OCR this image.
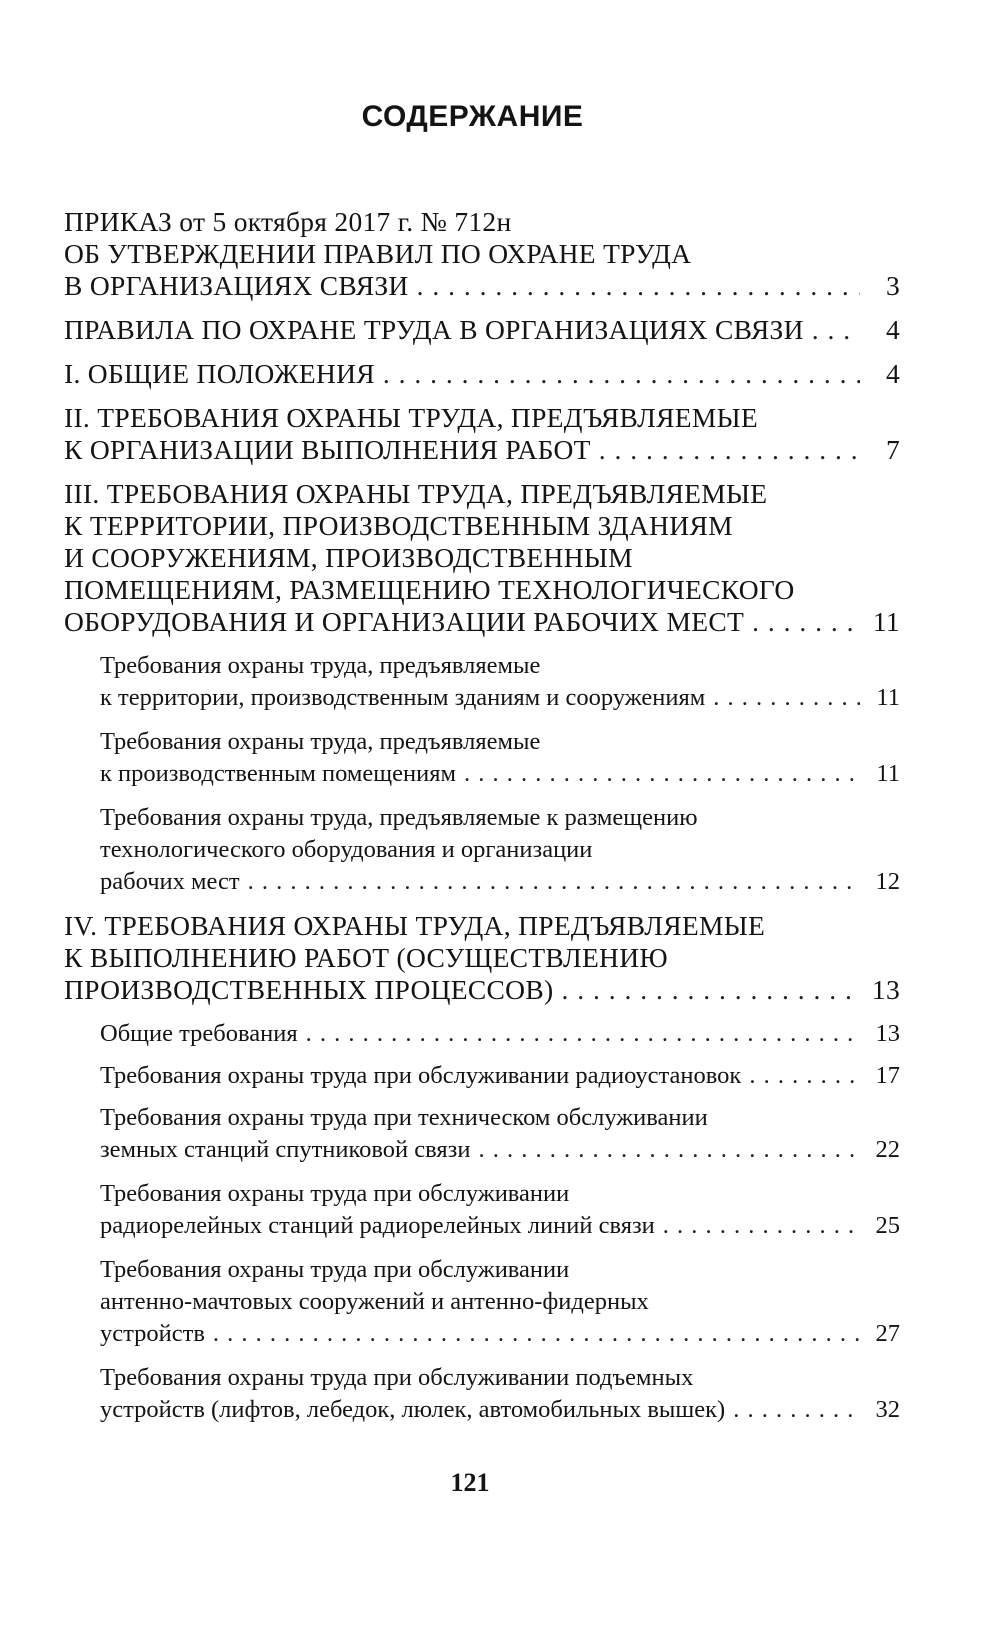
СОДЕРЖАНИЕ
ПРИКАЗ от 5 октября 2017 г. № 712н
ОБ УТВЕРЖДЕНИИ ПРАВИЛ ПО ОХРАНЕ ТРУДА
В ОРГАНИЗАЦИЯХ СВЯЗИ . . .	3
ПРАВИЛА ПО ОХРАНЕ ТРУДА В ОРГАНИЗАЦИЯХ СВЯЗИ . . .	4
I. ОБЩИЕ ПОЛОЖЕНИЯ . . .	4
II. ТРЕБОВАНИЯ ОХРАНЫ ТРУДА, ПРЕДЪЯВЛЯЕМЫЕ
К ОРГАНИЗАЦИИ ВЫПОЛНЕНИЯ РАБОТ . . .	7
III. ТРЕБОВАНИЯ ОХРАНЫ ТРУДА, ПРЕДЪЯВЛЯЕМЫЕ
К ТЕРРИТОРИИ, ПРОИЗВОДСТВЕННЫМ ЗДАНИЯМ
И СООРУЖЕНИЯМ, ПРОИЗВОДСТВЕННЫМ
ПОМЕЩЕНИЯМ, РАЗМЕЩЕНИЮ ТЕХНОЛОГИЧЕСКОГО
ОБОРУДОВАНИЯ И ОРГАНИЗАЦИИ РАБОЧИХ МЕСТ . . .	11
Требования охраны труда, предъявляемые
к территории, производственным зданиям и сооружениям . . .	11
Требования охраны труда, предъявляемые
к производственным помещениям . . .	11
Требования охраны труда, предъявляемые к размещению
технологического оборудования и организации
рабочих мест . . .	12
IV. ТРЕБОВАНИЯ ОХРАНЫ ТРУДА, ПРЕДЪЯВЛЯЕМЫЕ
К ВЫПОЛНЕНИЮ РАБОТ (ОСУЩЕСТВЛЕНИЮ
ПРОИЗВОДСТВЕННЫХ ПРОЦЕССОВ) . . .	13
Общие требования . . .	13
Требования охраны труда при обслуживании радиоустановок . . .	17
Требования охраны труда при техническом обслуживании
земных станций спутниковой связи . . .	22
Требования охраны труда при обслуживании
радиорелейных станций радиорелейных линий связи . . .	25
Требования охраны труда при обслуживании
антенно-мачтовых сооружений и антенно-фидерных
устройств . . .	27
Требования охраны труда при обслуживании подъемных
устройств (лифтов, лебедок, люлек, автомобильных вышек) . . .	32
121
